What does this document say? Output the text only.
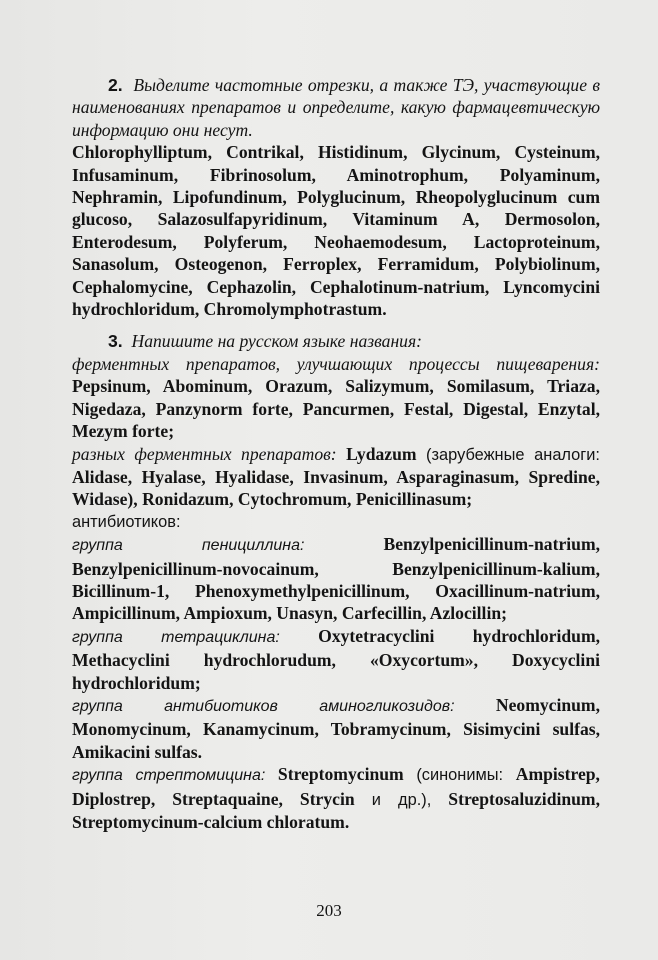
2. Выделите частотные отрезки, а также ТЭ, участвующие в наименованиях препаратов и определите, какую фармацевтическую информацию они несут.

Chlorophylliptum, Contrikal, Histidinum, Glycinum, Cysteinum, Infusaminum, Fibrinosolum, Aminotrophum, Polyaminum, Nephramin, Lipofundinum, Polyglucinum, Rheopolyglucinum cum glucoso, Salazosulfapyridinum, Vitaminum A, Dermosolon, Enterodesum, Polyferum, Neohaemodesum, Lactoproteinum, Sanasolum, Osteogenon, Ferroplex, Ferramidum, Polybiolinum, Cephalomycine, Cephazolin, Cephalotinum-natrium, Lyncomycini hydrochloridum, Chromolymphotrastum.

3. Напишите на русском языке названия:

ферментных препаратов, улучшающих процессы пищеварения: Pepsinum, Abominum, Orazum, Salizymum, Somilasum, Triaza, Nigedaza, Panzynorm forte, Pancurmen, Festal, Digestal, Enzytal, Mezym forte;

разных ферментных препаратов: Lydazum (зарубежные аналоги: Alidase, Hyalase, Hyalidase, Invasinum, Asparaginasum, Spredine, Widase), Ronidazum, Cytochromum, Penicillinasum;

антибиотиков:

группа пенициллина:	Benzylpenicillinum-natrium, Benzylpenicillinum-novocainum, Benzylpenicillinum-kalium, Bicillinum-1, Phenoxymethylpenicillinum, Oxacillinum-natrium, Ampicillinum, Ampioxum, Unasyn, Carfecillin, Azlocillin;

группа тетрациклина: Oxytetracyclini hydrochloridum, Methacyclini hydrochlorudum, «Oxycortum», Doxycyclini hydrochloridum;

группа антибиотиков аминогликозидов: Neomycinum, Monomycinum, Kanamycinum, Tobramycinum, Sisimycini sulfas, Amikacini sulfas.

группа стрептомицина: Streptomycinum (синонимы: Ampistrep, Diplostrep, Streptaquaine, Strycin и др.), Streptosaluzidinum, Streptomycinum-calcium chloratum.

203
